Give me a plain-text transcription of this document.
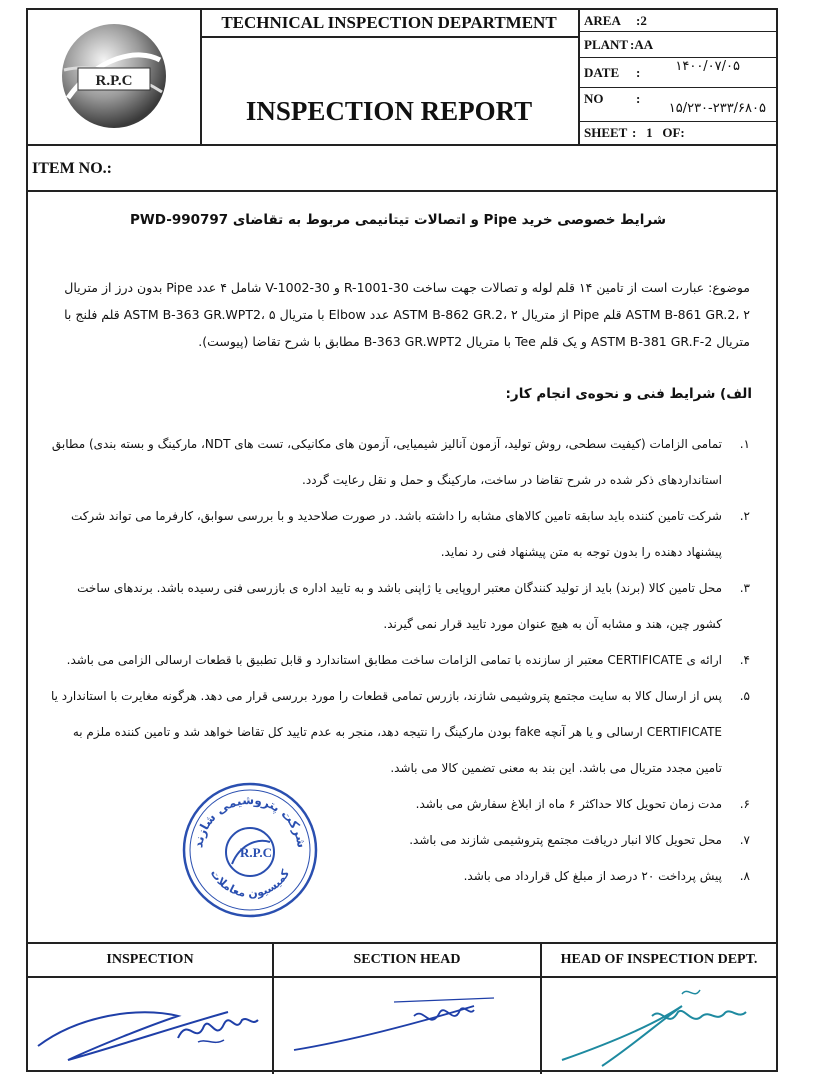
R.P.C
TECHNICAL INSPECTION DEPARTMENT
INSPECTION REPORT
AREA :2
PLANT :AA
DATE :	۱۴۰۰/۰۷/۰۵
NO	:
۱۵/۲۳۰-۲۳۳/۶۸۰۵
SHEET :   1   OF:
ITEM NO.:
شرایط خصوصی خرید Pipe و اتصالات تیتانیمی مربوط به تقاضای PWD-990797
موضوع: عبارت است از تامین ۱۴ قلم لوله و تصالات جهت ساخت 30-R-1001 و 30-V-1002 شامل ۴ عدد Pipe بدون درز از متریال ASTM B-861 GR.2، ۲ قلم Pipe از متریال ASTM B-862 GR.2، ۲ عدد Elbow با متریال ASTM B-363 GR.WPT2، ۵ قلم فلنج با متریال ASTM B-381 GR.F-2 و یک قلم Tee با متریال B-363 GR.WPT2 مطابق با شرح تقاضا (پیوست).
الف) شرایط فنی و نحوه‌ی انجام کار:
۱.
تمامی الزامات (کیفیت سطحی، روش تولید، آزمون آنالیز شیمیایی، آزمون های مکانیکی، تست های NDT، مارکینگ و بسته بندی) مطابق استانداردهای ذکر شده در شرح تقاضا در ساخت، مارکینگ و حمل و نقل رعایت گردد.
۲.
شرکت تامین کننده باید سابقه تامین کالاهای مشابه را داشته باشد. در صورت صلاحدید و با بررسی سوابق، کارفرما می تواند شرکت پیشنهاد دهنده را بدون توجه به متن پیشنهاد فنی رد نماید.
۳.
محل تامین کالا (برند) باید از تولید کنندگان معتبر اروپایی یا ژاپنی باشد و به تایید اداره ی بازرسی فنی رسیده باشد. برندهای ساخت کشور چین، هند و مشابه آن به هیچ عنوان مورد تایید قرار نمی گیرند.
۴.
ارائه ی CERTIFICATE معتبر از سازنده با تمامی الزامات ساخت مطابق استاندارد و قابل تطبیق با قطعات ارسالی الزامی می باشد.
۵.
پس از ارسال کالا به سایت مجتمع پتروشیمی شازند، بازرس تمامی قطعات را مورد بررسی قرار می دهد. هرگونه مغایرت با استاندارد یا CERTIFICATE ارسالی و یا هر آنچه fake بودن مارکینگ را نتیجه دهد، منجر به عدم تایید کل تقاضا خواهد شد و تامین کننده ملزم به تامین مجدد متریال می باشد. این بند به معنی تضمین کالا می باشد.
۶.
مدت زمان تحویل کالا حداکثر ۶ ماه از ابلاغ سفارش می باشد.
۷.
محل تحویل کالا انبار دریافت مجتمع پتروشیمی شازند می باشد.
۸.
پیش پرداخت ۲۰ درصد از مبلغ کل قرارداد می باشد.
شرکت پتروشیمی شازند
R.P.C
کمیسیون معاملات
INSPECTION	SECTION HEAD	HEAD OF INSPECTION DEPT.
